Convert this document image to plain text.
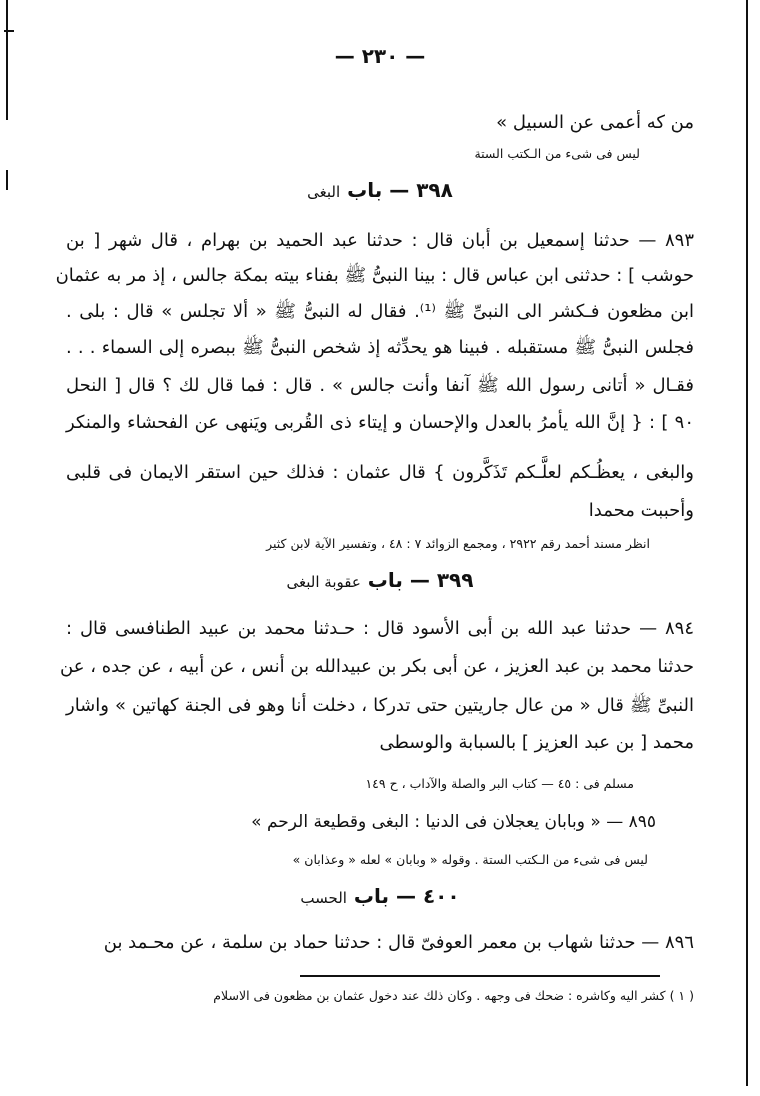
— ٢٣٠ —
من كه أعمى عن السبيل »
ليس فى شىء من الـكتب الستة
٣٩٨ — باب البغى
٨٩٣ — حدثنا إسمعيل بن أبان قال : حدثنا عبد الحميد بن بهرام ، قال شهر [ بن
حوشب ] : حدثنى ابن عباس قال : بينا النبىُّ ﷺ بفناء بيته بمكة جالس ، إذ مر به عثمان
ابن مظعون فـكشر الى النبىِّ ﷺ ⁽¹⁾. فقال له النبىُّ ﷺ « ألا تجلس » قال : بلى .
فجلس النبىُّ ﷺ مستقبله . فبينا هو يحدِّثه إذ شخص النبىُّ ﷺ ببصره إلى السماء . . .
فقـال « أتانى رسول الله ﷺ آنفا وأنت جالس » . قال : فما قال لك ؟ قال [ النحل
٩٠ ] : { إنَّ الله يأمرُ بالعدل والإحسان و إيتاء ذى القُربى ويَنهى عن الفحشاء والمنكر
والبغى ، يعظُـكم لعلَّـكم تَذَكَّرون } قال عثمان : فذلك حين استقر الايمان فى قلبى
وأحببت محمدا
انظر مسند أحمد رقم ٢٩٢٢ ، ومجمع الزوائد ٧ : ٤٨ ، وتفسير الآية لابن كثير
٣٩٩ — باب عقوبة البغى
٨٩٤ — حدثنا عبد الله بن أبى الأسود قال : حـدثنا محمد بن عبيد الطنافسى قال :
حدثنا محمد بن عبد العزيز ، عن أبى بكر بن عبيدالله بن أنس ، عن أبيه ، عن جده ، عن
النبىِّ ﷺ قال « من عال جاريتين حتى تدركا ، دخلت أنا وهو فى الجنة كهاتين » واشار
محمد [ بن عبد العزيز ] بالسبابة والوسطى
مسلم فى : ٤٥ — كتاب البر والصلة والآداب ، ح ١٤٩
٨٩٥ — « وبابان يعجلان فى الدنيا : البغى وقطيعة الرحم »
ليس فى شىء من الـكتب الستة . وقوله « وبابان » لعله « وعذابان »
٤٠٠ — باب الحسب
٨٩٦ — حدثنا شهاب بن معمر العوفىّ قال : حدثنا حماد بن سلمة ، عن محـمد بن
( ١ ) كشر اليه وكاشره : ضحك فى وجهه . وكان ذلك عند دخول عثمان بن مظعون فى الاسلام
